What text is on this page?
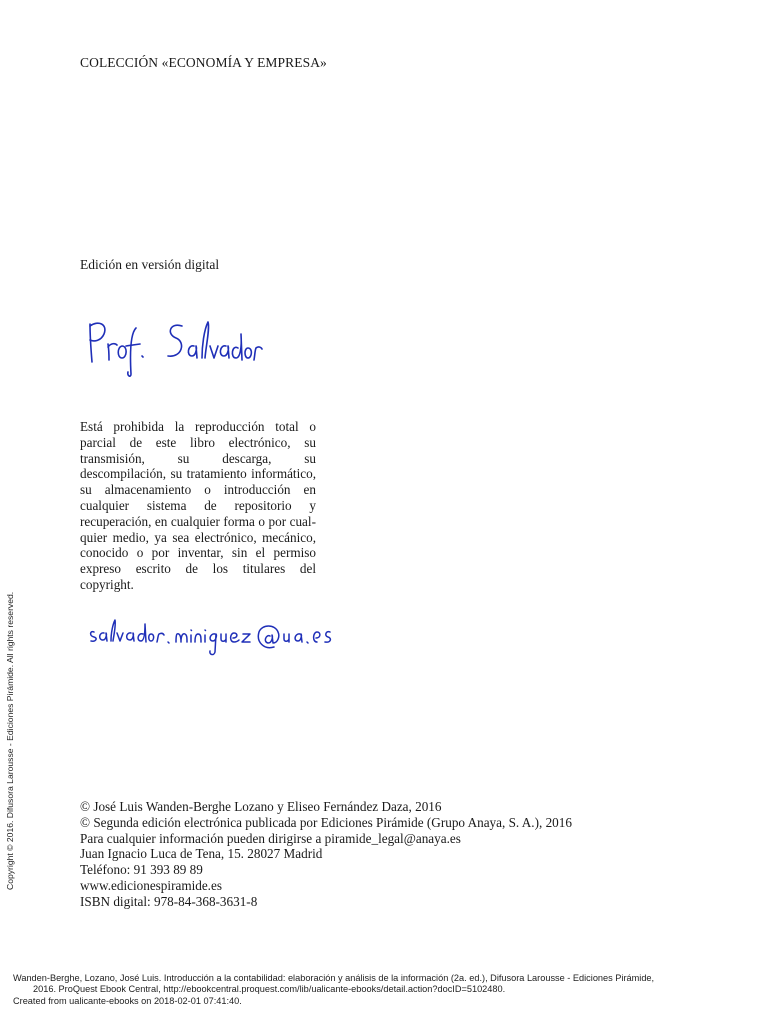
COLECCIÓN «ECONOMÍA Y EMPRESA»
Edición en versión digital
Está prohibida la reproducción total o parcial de este libro electrónico, su transmisión, su descarga, su descompilación, su tratamiento informático, su almacenamiento o introducción en cualquier sistema de repositorio y recuperación, en cualquier forma o por cualquier medio, ya sea electrónico, mecánico, conocido o por inventar, sin el permiso expreso escrito de los titulares del copyright.
© José Luis Wanden-Berghe Lozano y Eliseo Fernández Daza, 2016
© Segunda edición electrónica publicada por Ediciones Pirámide (Grupo Anaya, S. A.), 2016
Para cualquier información pueden dirigirse a piramide_legal@anaya.es
Juan Ignacio Luca de Tena, 15. 28027 Madrid
Teléfono: 91 393 89 89
www.edicionespiramide.es
ISBN digital: 978-84-368-3631-8
Copyright © 2016. Difusora Larousse - Ediciones Pirámide. All rights reserved.
Wanden-Berghe, Lozano, José Luis. Introducción a la contabilidad: elaboración y análisis de la información (2a. ed.), Difusora Larousse - Ediciones Pirámide,
2016. ProQuest Ebook Central, http://ebookcentral.proquest.com/lib/ualicante-ebooks/detail.action?docID=5102480.
Created from ualicante-ebooks on 2018-02-01 07:41:40.
